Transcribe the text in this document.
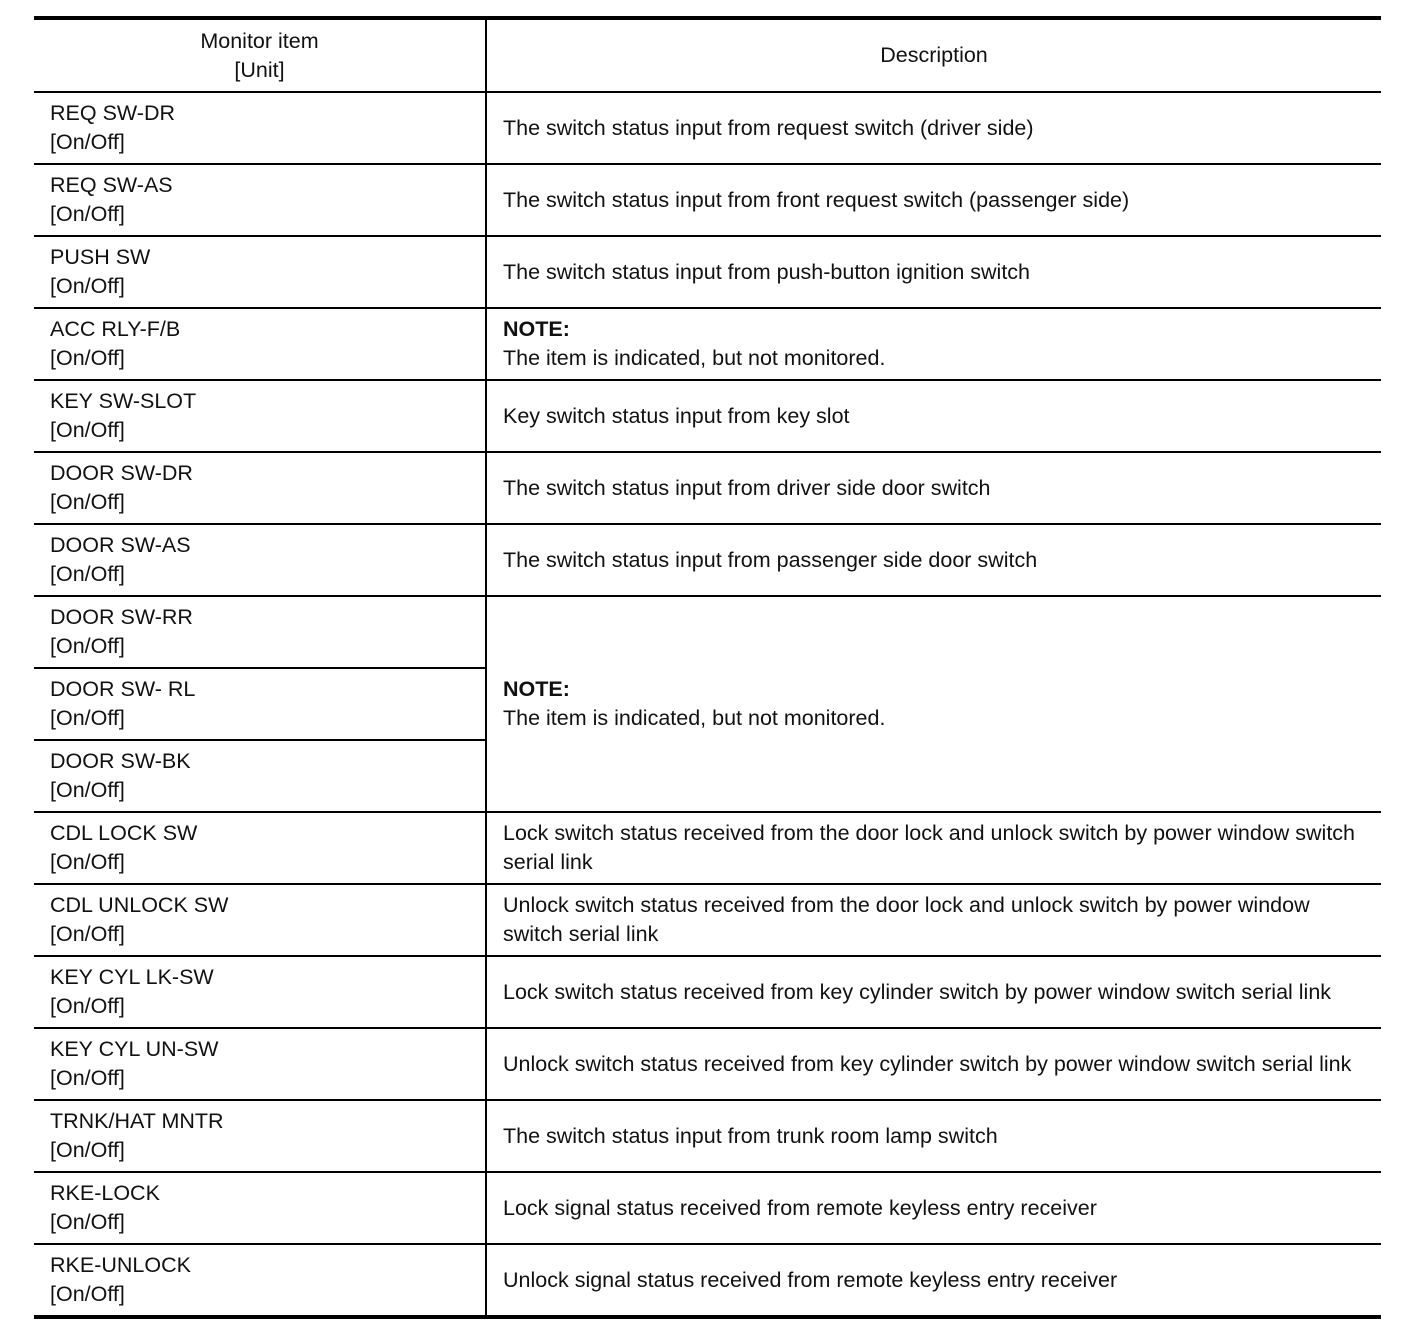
Monitor item
[Unit]	Description

REQ SW-DR
[On/Off]	The switch status input from request switch (driver side)

REQ SW-AS
[On/Off]	The switch status input from front request switch (passenger side)

PUSH SW
[On/Off]	The switch status input from push-button ignition switch

ACC RLY-F/B
[On/Off]	NOTE:
The item is indicated, but not monitored.

KEY SW-SLOT
[On/Off]	Key switch status input from key slot

DOOR SW-DR
[On/Off]	The switch status input from driver side door switch

DOOR SW-AS
[On/Off]	The switch status input from passenger side door switch

DOOR SW-RR
[On/Off]	NOTE:
The item is indicated, but not monitored.

DOOR SW- RL
[On/Off]	

DOOR SW-BK
[On/Off]	

CDL LOCK SW
[On/Off]	Lock switch status received from the door lock and unlock switch by power window switch serial link

CDL UNLOCK SW
[On/Off]	Unlock switch status received from the door lock and unlock switch by power window switch serial link

KEY CYL LK-SW
[On/Off]	Lock switch status received from key cylinder switch by power window switch serial link

KEY CYL UN-SW
[On/Off]	Unlock switch status received from key cylinder switch by power window switch serial link

TRNK/HAT MNTR
[On/Off]	The switch status input from trunk room lamp switch

RKE-LOCK
[On/Off]	Lock signal status received from remote keyless entry receiver

RKE-UNLOCK
[On/Off]	Unlock signal status received from remote keyless entry receiver
